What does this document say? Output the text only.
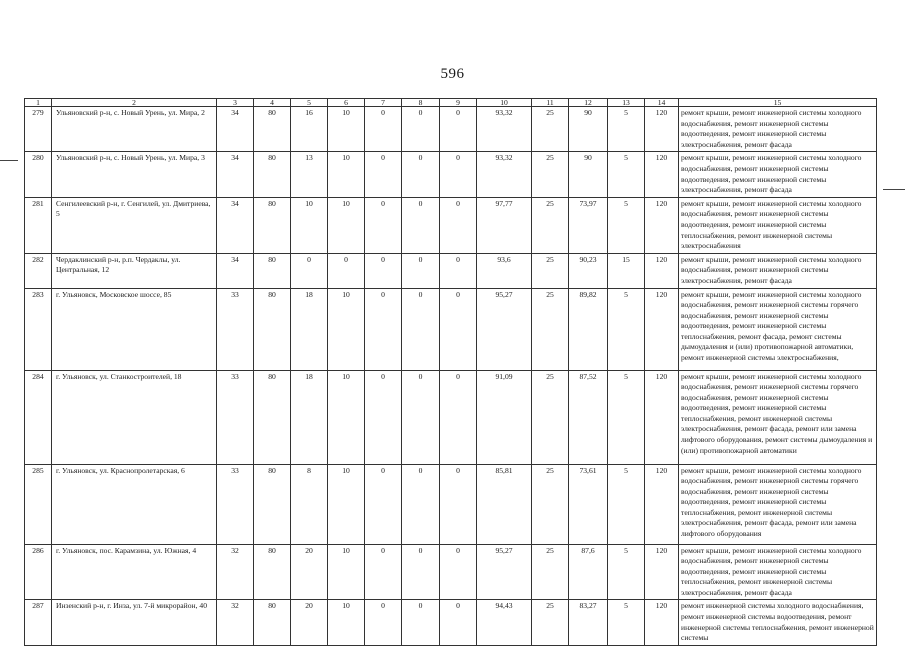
596
1	2	3	4	5	6	7	8	9	10	11	12	13	14	15
279	Ульяновский р-н, с. Новый Урень, ул. Мира, 2	34	80	16	10	0	0	0	93,32	25	90	5	120	ремонт крыши, ремонт инженерной системы холодного водоснабжения, ремонт инженерной системы водоотведения, ремонт инженерной системы электроснабжения, ремонт фасада
280	Ульяновский р-н, с. Новый Урень, ул. Мира, 3	34	80	13	10	0	0	0	93,32	25	90	5	120	ремонт крыши, ремонт инженерной системы холодного водоснабжения, ремонт инженерной системы водоотведения, ремонт инженерной системы электроснабжения, ремонт фасада
281	Сенгилеевский р-н, г. Сенгилей, ул. Дмитриева, 5	34	80	10	10	0	0	0	97,77	25	73,97	5	120	ремонт крыши, ремонт инженерной системы холодного водоснабжения, ремонт инженерной системы водоотведения, ремонт инженерной системы теплоснабжения, ремонт инженерной системы электроснабжения
282	Чердаклинский р-н, р.п. Чердаклы, ул. Центральная, 12	34	80	0	0	0	0	0	93,6	25	90,23	15	120	ремонт крыши, ремонт инженерной системы холодного водоснабжения, ремонт инженерной системы электроснабжения, ремонт фасада
283	г. Ульяновск, Московское шоссе, 85	33	80	18	10	0	0	0	95,27	25	89,82	5	120	ремонт крыши, ремонт инженерной системы холодного водоснабжения, ремонт инженерной системы горячего водоснабжения, ремонт инженерной системы водоотведения, ремонт инженерной системы теплоснабжения, ремонт фасада, ремонт системы дымоудаления и (или) противопожарной автоматики, ремонт инженерной системы электроснабжения,
284	г. Ульяновск, ул. Станкостроителей, 18	33	80	18	10	0	0	0	91,09	25	87,52	5	120	ремонт крыши, ремонт инженерной системы холодного водоснабжения, ремонт инженерной системы горячего водоснабжения, ремонт инженерной системы водоотведения, ремонт инженерной системы теплоснабжения, ремонт инженерной системы электроснабжения, ремонт фасада, ремонт или замена лифтового оборудования, ремонт системы дымоудаления и (или) противопожарной автоматики
285	г. Ульяновск, ул. Краснопролетарская, 6	33	80	8	10	0	0	0	85,81	25	73,61	5	120	ремонт крыши, ремонт инженерной системы холодного водоснабжения, ремонт инженерной системы горячего водоснабжения, ремонт инженерной системы водоотведения, ремонт инженерной системы теплоснабжения, ремонт инженерной системы электроснабжения, ремонт фасада, ремонт или замена лифтового оборудования
286	г. Ульяновск, пос. Карамзина, ул. Южная, 4	32	80	20	10	0	0	0	95,27	25	87,6	5	120	ремонт крыши, ремонт инженерной системы холодного водоснабжения, ремонт инженерной системы водоотведения, ремонт инженерной системы теплоснабжения, ремонт инженерной системы электроснабжения, ремонт фасада
287	Инзенский р-н, г. Инза, ул. 7-й микрорайон, 40	32	80	20	10	0	0	0	94,43	25	83,27	5	120	ремонт инженерной системы холодного водоснабжения, ремонт инженерной системы водоотведения, ремонт инженерной системы теплоснабжения, ремонт инженерной системы
